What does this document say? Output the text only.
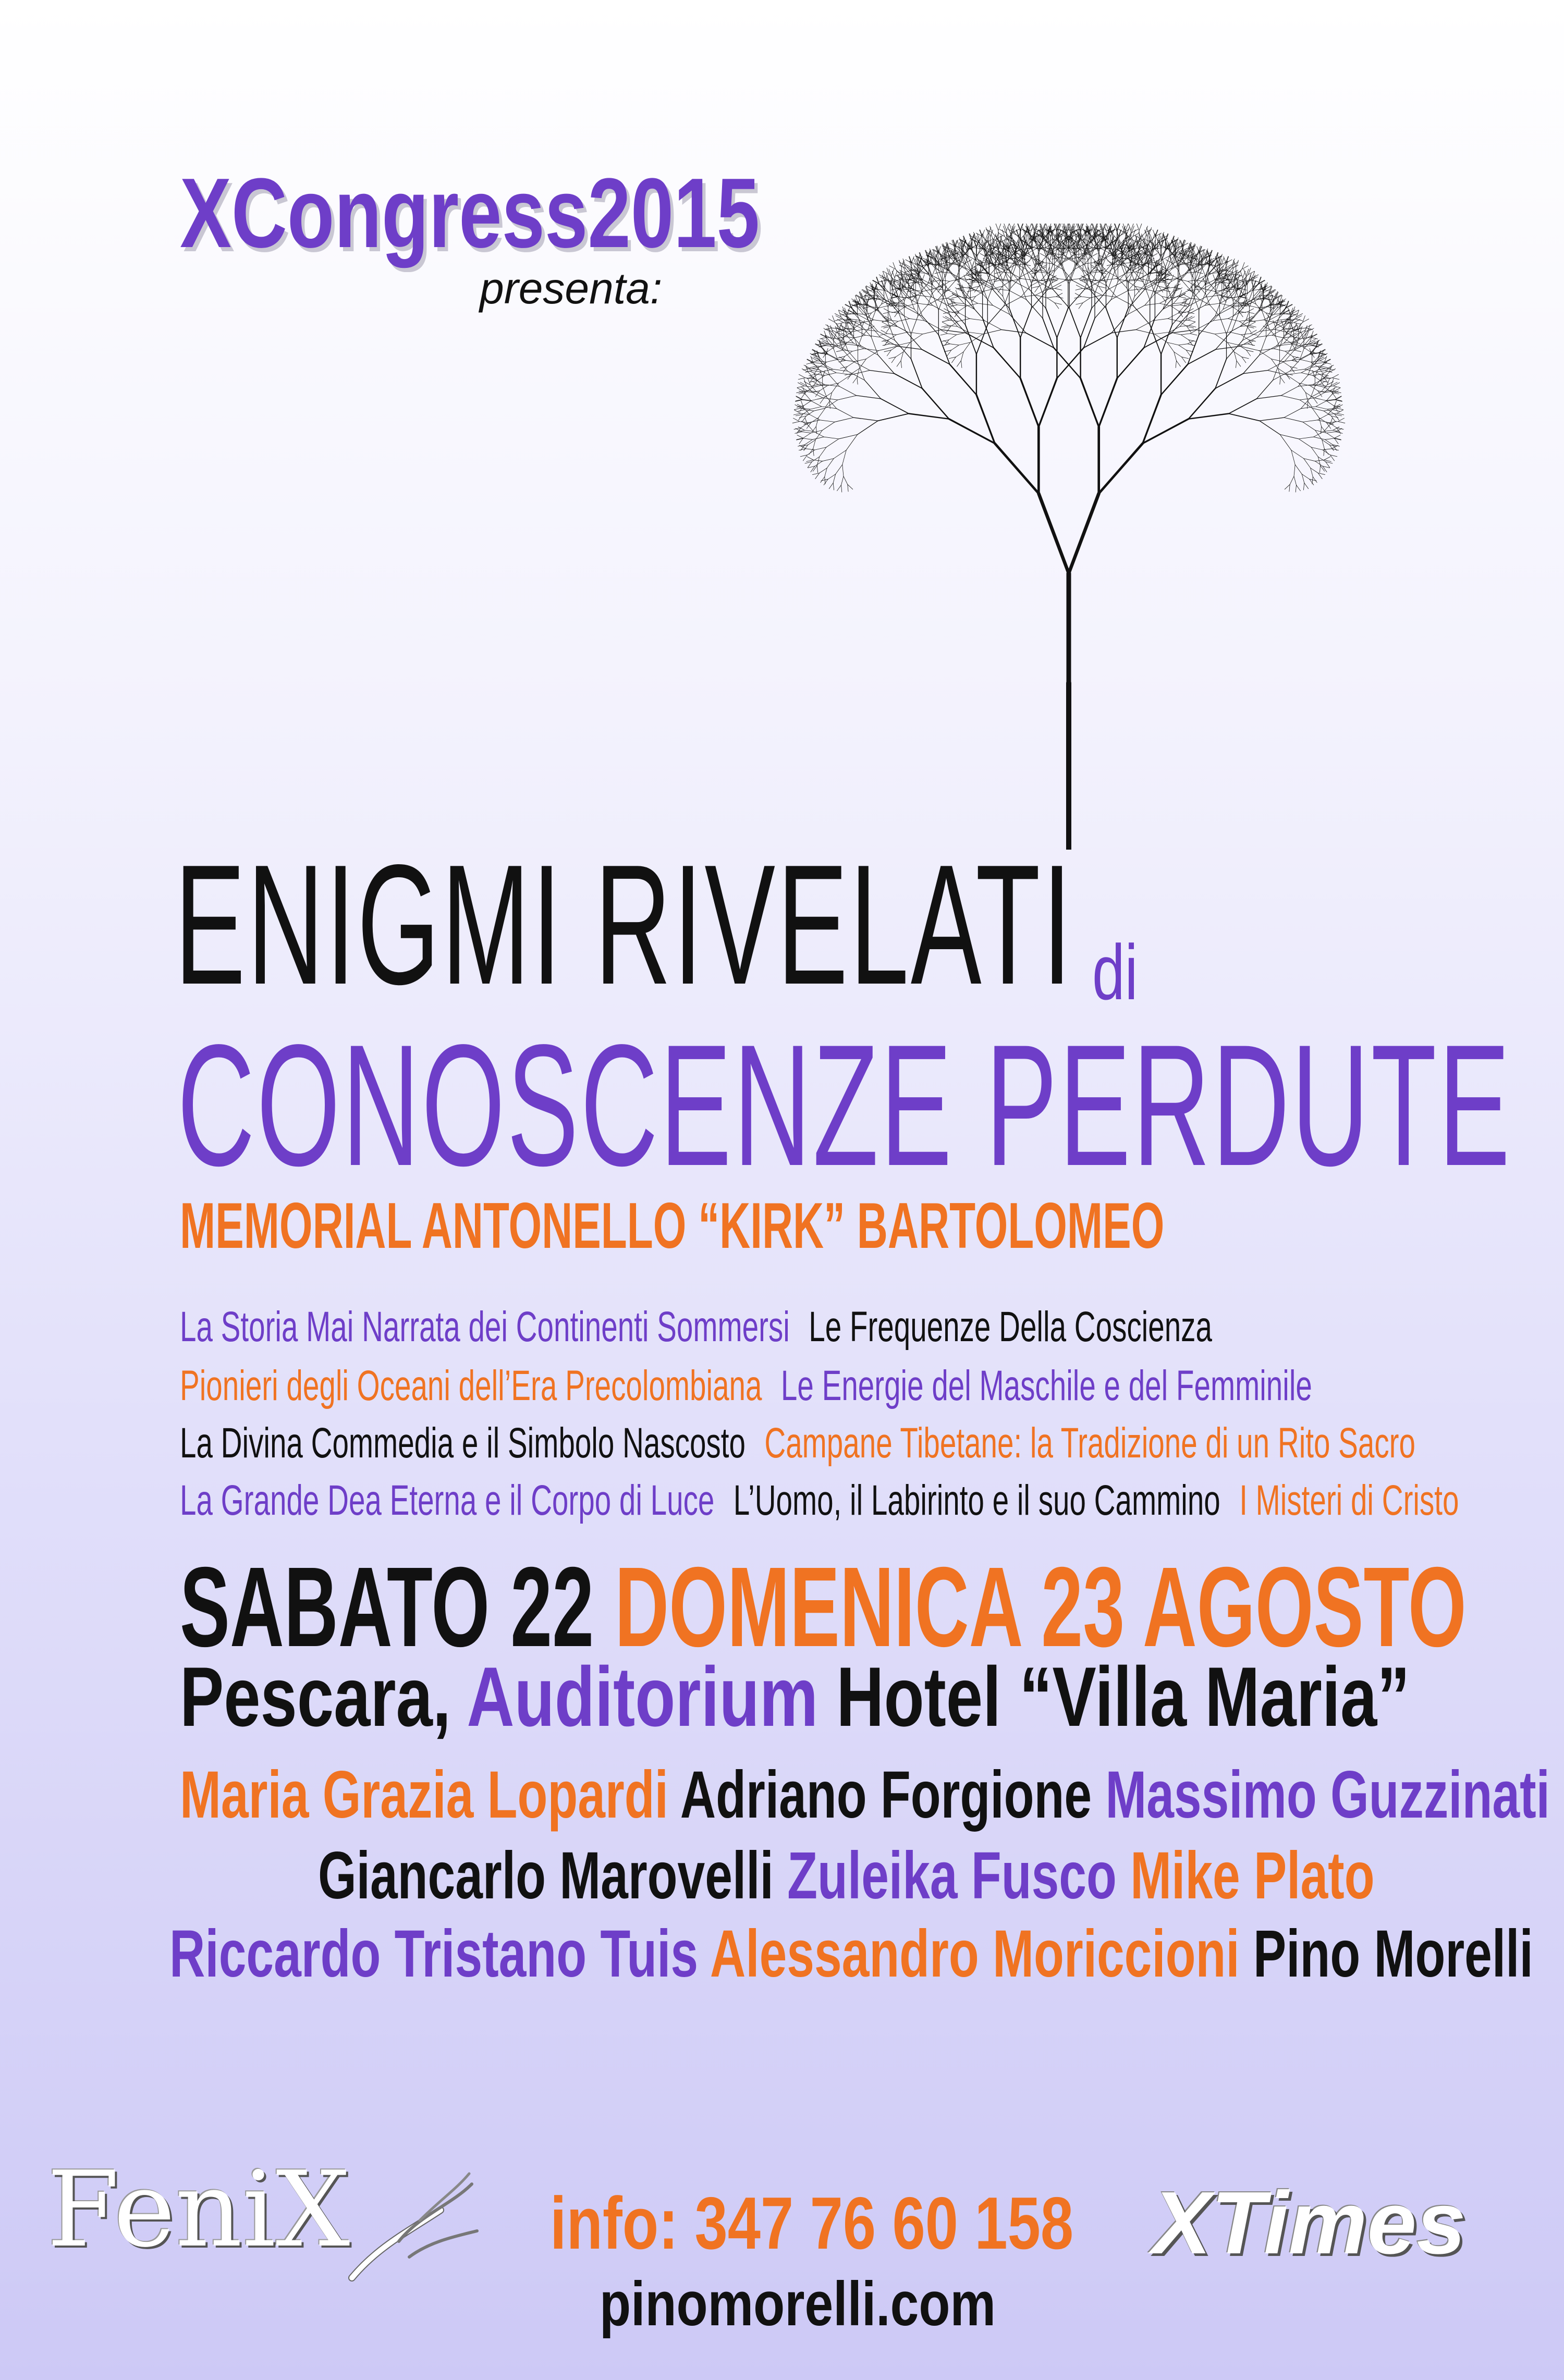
XCongress2015
presenta:
ENIGMI RIVELATI di
CONOSCENZE PERDUTE
MEMORIAL ANTONELLO “KIRK” BARTOLOMEO
La Storia Mai Narrata dei Continenti Sommersi Le Frequenze Della Coscienza
Pionieri degli Oceani dell’Era Precolombiana Le Energie del Maschile e del Femminile
La Divina Commedia e il Simbolo Nascosto Campane Tibetane: la Tradizione di un Rito Sacro
La Grande Dea Eterna e il Corpo di Luce L’Uomo, il Labirinto e il suo Cammino I Misteri di Cristo
SABATO 22 DOMENICA 23 AGOSTO
Pescara, Auditorium Hotel “Villa Maria”
Maria Grazia Lopardi Adriano Forgione Massimo Guzzinati
Giancarlo Marovelli Zuleika Fusco Mike Plato
Riccardo Tristano Tuis Alessandro Moriccioni Pino Morelli
FeniX	info: 347 76 60 158
pinomorelli.com
XTimes
